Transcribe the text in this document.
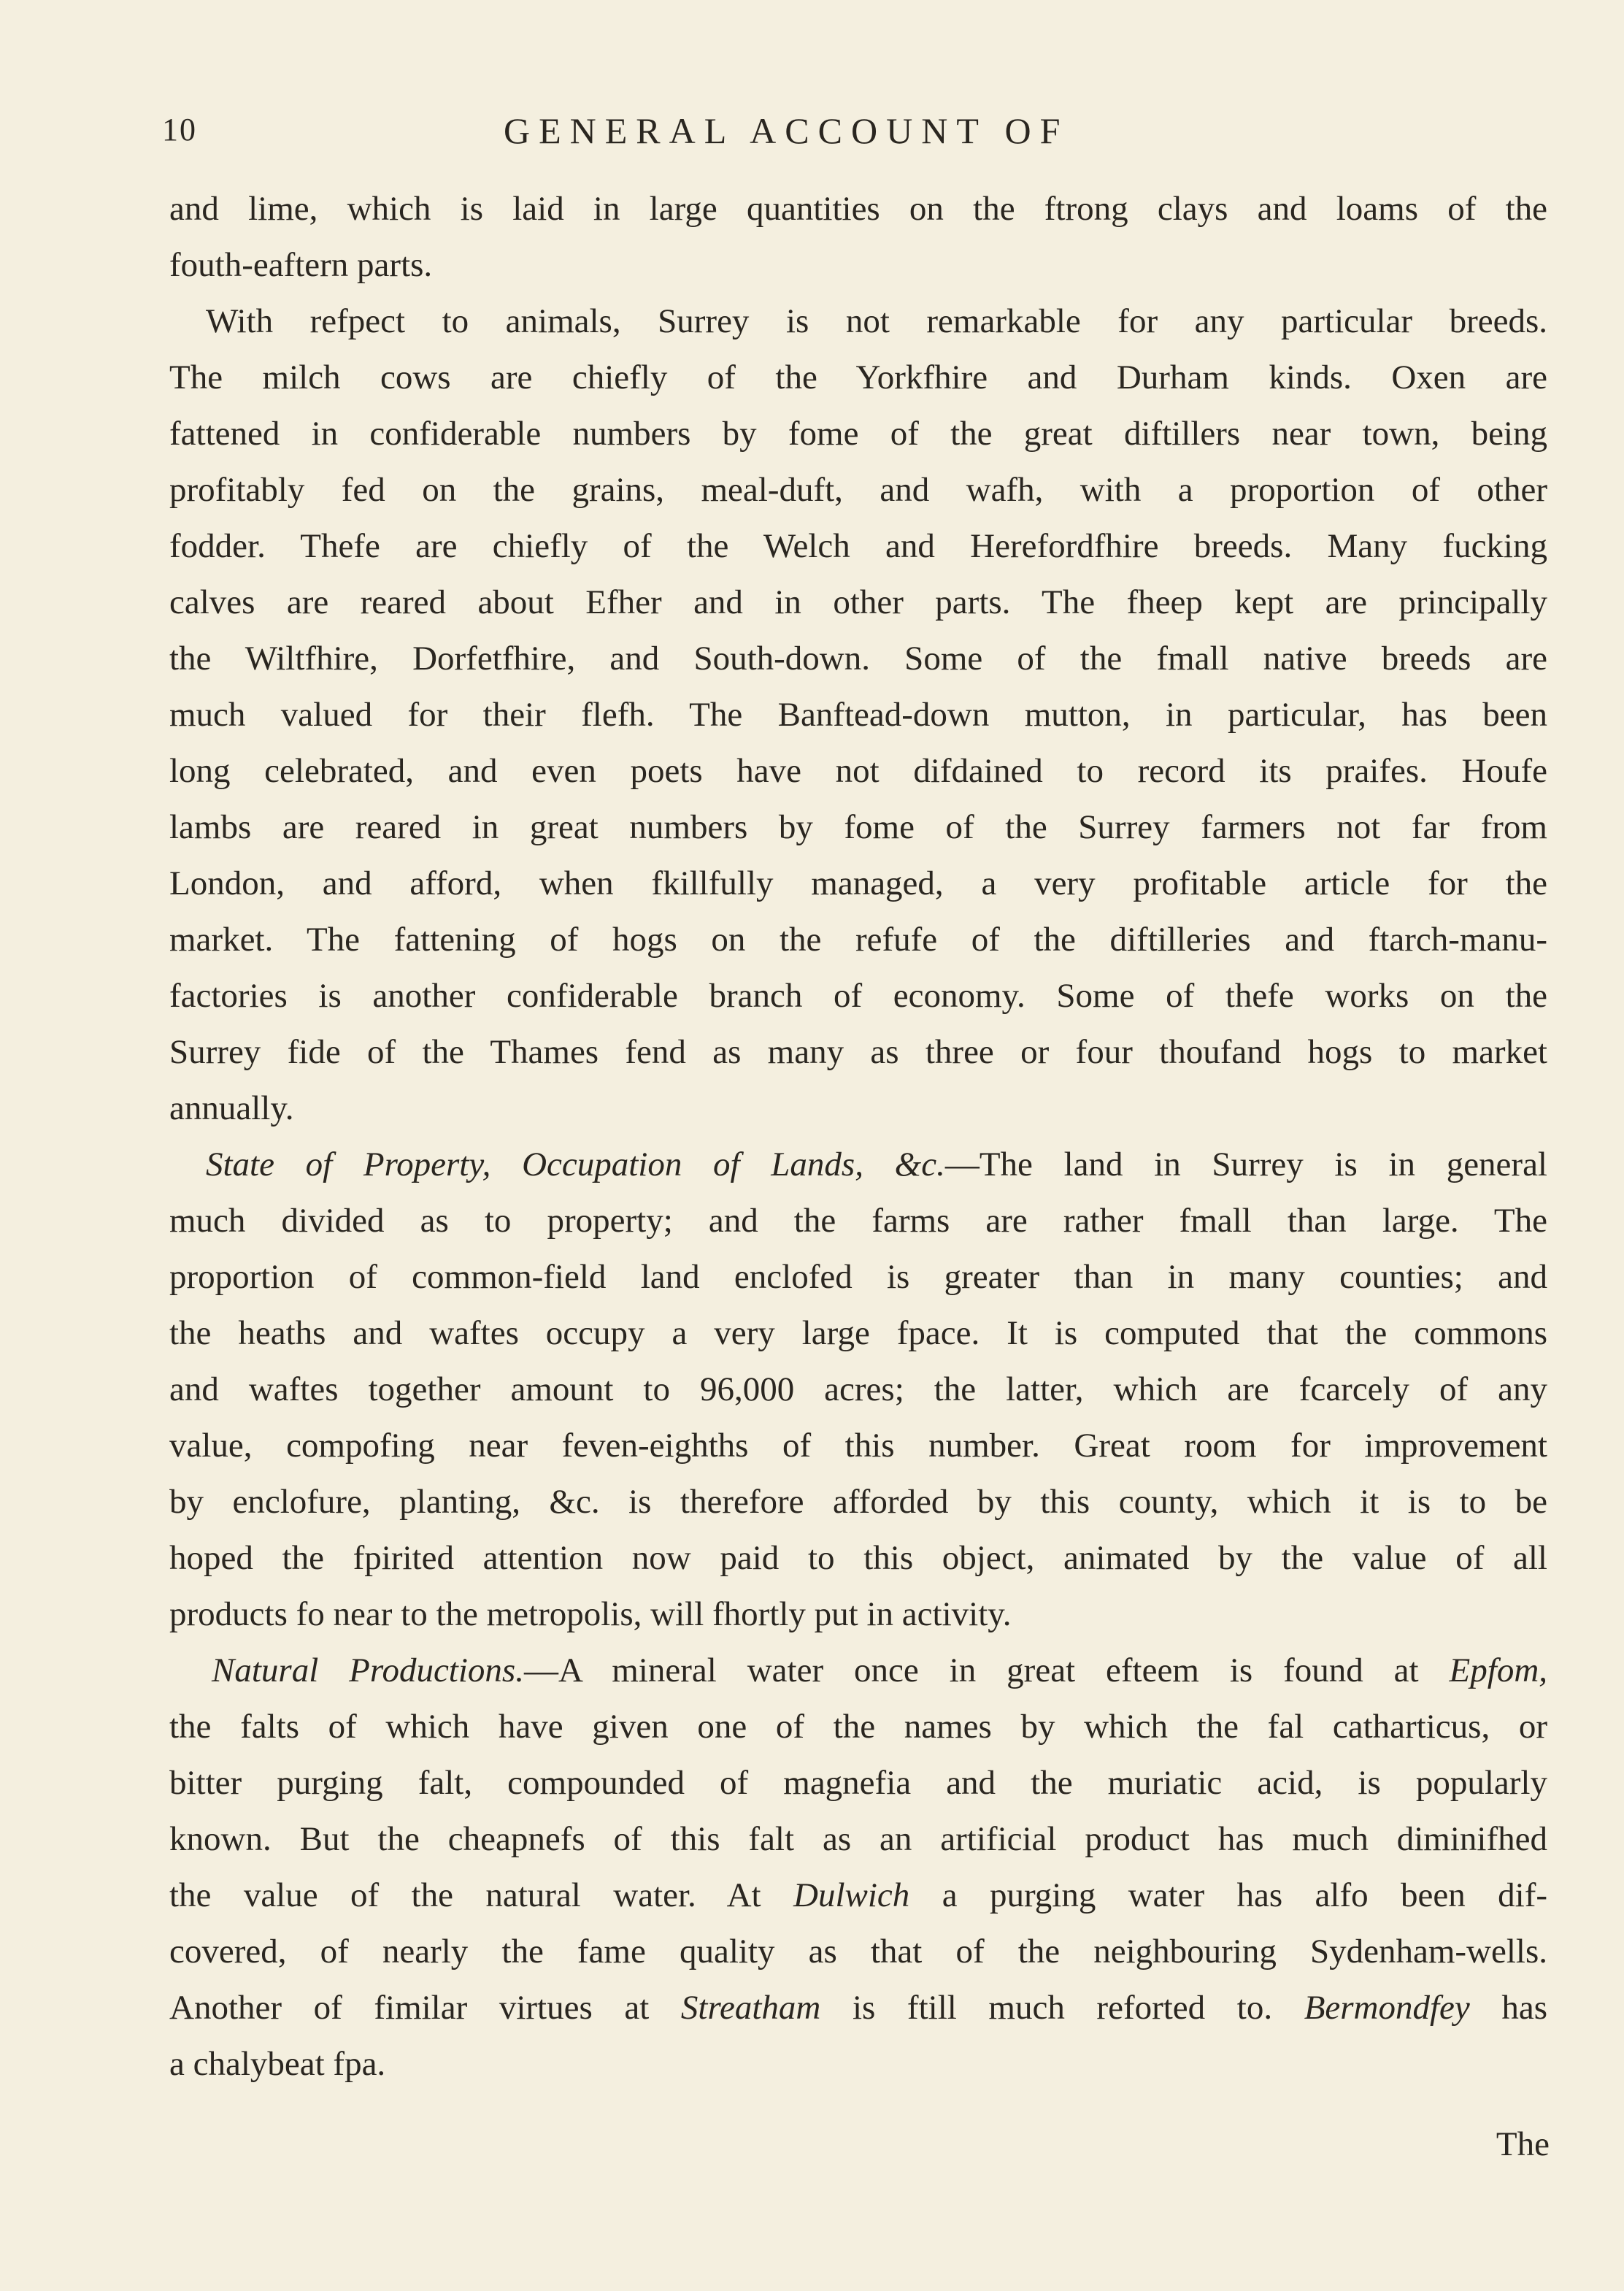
10	GENERAL ACCOUNT OF
and lime, which is laid in large quantities on the ftrong clays and loams of the
fouth-eaftern parts.
With refpect to animals, Surrey is not remarkable for any particular breeds.
The milch cows are chiefly of the Yorkfhire and Durham kinds. Oxen are
fattened in confiderable numbers by fome of the great diftillers near town, being
profitably fed on the grains, meal-duft, and wafh, with a proportion of other
fodder. Thefe are chiefly of the Welch and Herefordfhire breeds. Many fucking
calves are reared about Efher and in other parts. The fheep kept are principally
the Wiltfhire, Dorfetfhire, and South-down. Some of the fmall native breeds are
much valued for their flefh. The Banftead-down mutton, in particular, has been
long celebrated, and even poets have not difdained to record its praifes. Houfe
lambs are reared in great numbers by fome of the Surrey farmers not far from
London, and afford, when fkillfully managed, a very profitable article for the
market. The fattening of hogs on the refufe of the diftilleries and ftarch-manu-
factories is another confiderable branch of economy. Some of thefe works on the
Surrey fide of the Thames fend as many as three or four thoufand hogs to market
annually.
State of Property, Occupation of Lands, &c.—The land in Surrey is in general
much divided as to property; and the farms are rather fmall than large. The
proportion of common-field land enclofed is greater than in many counties; and
the heaths and waftes occupy a very large fpace. It is computed that the commons
and waftes together amount to 96,000 acres; the latter, which are fcarcely of any
value, compofing near feven-eighths of this number. Great room for improvement
by enclofure, planting, &c. is therefore afforded by this county, which it is to be
hoped the fpirited attention now paid to this object, animated by the value of all
products fo near to the metropolis, will fhortly put in activity.
Natural Productions.—A mineral water once in great efteem is found at Epfom,
the falts of which have given one of the names by which the fal catharticus, or
bitter purging falt, compounded of magnefia and the muriatic acid, is popularly
known. But the cheapnefs of this falt as an artificial product has much diminifhed
the value of the natural water. At Dulwich a purging water has alfo been dif-
covered, of nearly the fame quality as that of the neighbouring Sydenham-wells.
Another of fimilar virtues at Streatham is ftill much reforted to. Bermondfey has
a chalybeat fpa.
The
